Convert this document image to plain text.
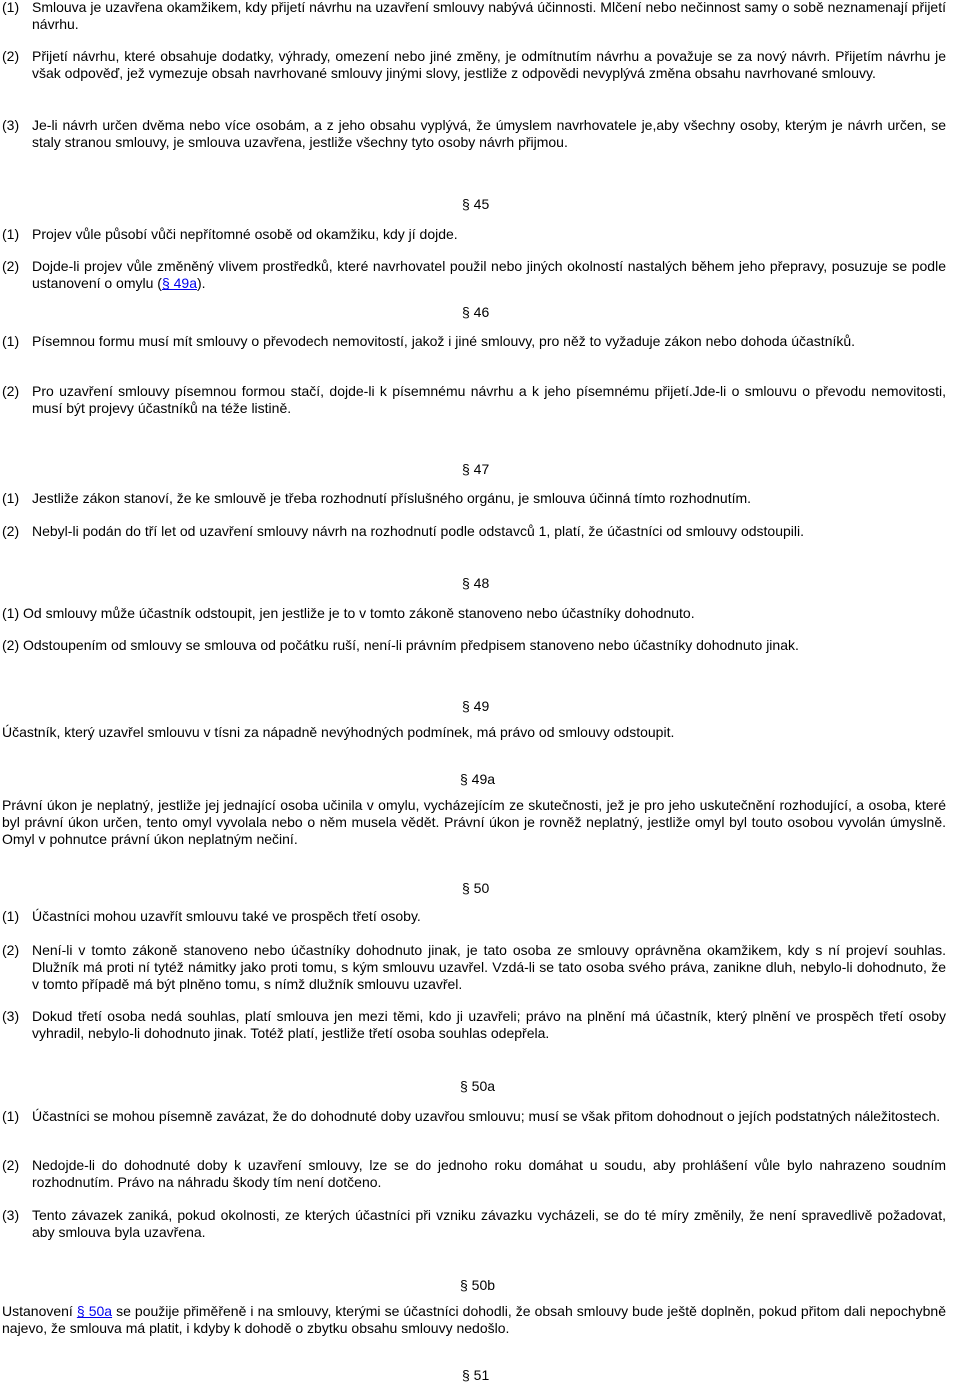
(1) Smlouva je uzavřena okamžikem, kdy přijetí návrhu na uzavření smlouvy nabývá účinnosti. Mlčení nebo nečinnost samy o sobě neznamenají přijetí návrhu.
(2) Přijetí návrhu, které obsahuje dodatky, výhrady, omezení nebo jiné změny, je odmítnutím návrhu a považuje se za nový návrh. Přijetím návrhu je však odpověď, jež vymezuje obsah navrhované smlouvy jinými slovy, jestliže z odpovědi nevyplývá změna obsahu navrhované smlouvy.
(3) Je-li návrh určen dvěma nebo více osobám, a z jeho obsahu vyplývá, že úmyslem navrhovatele je,aby všechny osoby, kterým je návrh určen, se staly stranou smlouvy, je smlouva uzavřena, jestliže všechny tyto osoby návrh přijmou.
§ 45
(1) Projev vůle působí vůči nepřítomné osobě od okamžiku, kdy jí dojde.
(2) Dojde-li projev vůle změněný vlivem prostředků, které navrhovatel použil nebo jiných okolností nastalých během jeho přepravy, posuzuje se podle ustanovení o omylu (§ 49a).
§ 46
(1) Písemnou formu musí mít smlouvy o převodech nemovitostí, jakož i jiné smlouvy, pro něž to vyžaduje zákon nebo dohoda účastníků.
(2) Pro uzavření smlouvy písemnou formou stačí, dojde-li k písemnému návrhu a k jeho písemnému přijetí.Jde-li o smlouvu o převodu nemovitosti, musí být projevy účastníků na téže listině.
§ 47
(1) Jestliže zákon stanoví, že ke smlouvě je třeba rozhodnutí příslušného orgánu, je smlouva účinná tímto rozhodnutím.
(2) Nebyl-li podán do tří let od uzavření smlouvy návrh na rozhodnutí podle odstavců 1, platí, že účastníci od smlouvy odstoupili.
§ 48
(1) Od smlouvy může účastník odstoupit, jen jestliže je to v tomto zákoně stanoveno nebo účastníky dohodnuto.
(2) Odstoupením od smlouvy se smlouva od počátku ruší, není-li právním předpisem stanoveno nebo účastníky dohodnuto jinak.
§ 49
Účastník, který uzavřel smlouvu v tísni za nápadně nevýhodných podmínek, má právo od smlouvy odstoupit.
§ 49a
Právní úkon je neplatný, jestliže jej jednající osoba učinila v omylu, vycházejícím ze skutečnosti, jež je pro jeho uskutečnění rozhodující, a osoba, které byl právní úkon určen, tento omyl vyvolala nebo o něm musela vědět. Právní úkon je rovněž neplatný, jestliže omyl byl touto osobou vyvolán úmyslně. Omyl v pohnutce právní úkon neplatným nečiní.
§ 50
(1) Účastníci mohou uzavřít smlouvu také ve prospěch třetí osoby.
(2) Není-li v tomto zákoně stanoveno nebo účastníky dohodnuto jinak, je tato osoba ze smlouvy oprávněna okamžikem, kdy s ní projeví souhlas. Dlužník má proti ní tytéž námitky jako proti tomu, s kým smlouvu uzavřel. Vzdá-li se tato osoba svého práva, zanikne dluh, nebylo-li dohodnuto, že v tomto případě má být plněno tomu, s nímž dlužník smlouvu uzavřel.
(3) Dokud třetí osoba nedá souhlas, platí smlouva jen mezi těmi, kdo ji uzavřeli; právo na plnění má účastník, který plnění ve prospěch třetí osoby vyhradil, nebylo-li dohodnuto jinak. Totéž platí, jestliže třetí osoba souhlas odepřela.
§ 50a
(1) Účastníci se mohou písemně zavázat, že do dohodnuté doby uzavřou smlouvu; musí se však přitom dohodnout o jejích podstatných náležitostech.
(2) Nedojde-li do dohodnuté doby k uzavření smlouvy, lze se do jednoho roku domáhat u soudu, aby prohlášení vůle bylo nahrazeno soudním rozhodnutím. Právo na náhradu škody tím není dotčeno.
(3) Tento závazek zaniká, pokud okolnosti, ze kterých účastníci při vzniku závazku vycházeli, se do té míry změnily, že není spravedlivě požadovat, aby smlouva byla uzavřena.
§ 50b
Ustanovení § 50a se použije přiměřeně i na smlouvy, kterými se účastníci dohodli, že obsah smlouvy bude ještě doplněn, pokud přitom dali nepochybně najevo, že smlouva má platit, i kdyby k dohodě o zbytku obsahu smlouvy nedošlo.
§ 51
